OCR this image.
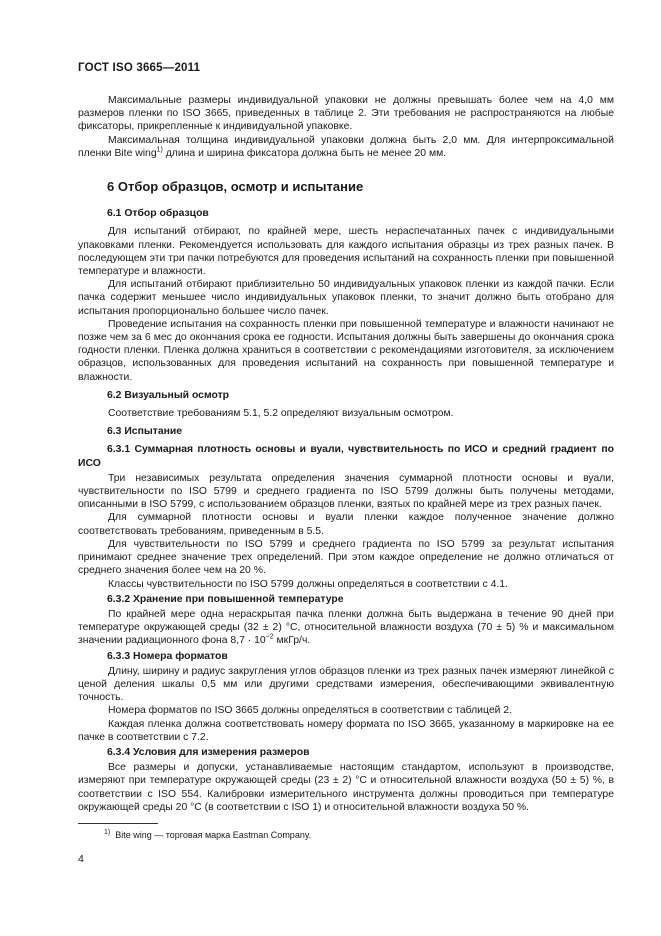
ГОСТ ISO 3665—2011

Максимальные размеры индивидуальной упаковки не должны превышать более чем на 4,0 мм размеров пленки по ISO 3665, приведенных в таблице 2. Эти требования не распространяются на любые фиксаторы, прикрепленные к индивидуальной упаковке.

Максимальная толщина индивидуальной упаковки должна быть 2,0 мм. Для интерпроксимальной пленки Bite wing$^{1)}$ длина и ширина фиксатора должна быть не менее 20 мм.

6 Отбор образцов, осмотр и испытание
6.1 Отбор образцов

Для испытаний отбирают, по крайней мере, шесть нераспечатанных пачек с индивидуальными упаковками пленки. Рекомендуется использовать для каждого испытания образцы из трех разных пачек. В последующем эти три пачки потребуются для проведения испытаний на сохранность пленки при повышенной температуре и влажности.

Для испытаний отбирают приблизительно 50 индивидуальных упаковок пленки из каждой пачки. Если пачка содержит меньшее число индивидуальных упаковок пленки, то значит должно быть отобрано для испытания пропорционально большее число пачек.

Проведение испытания на сохранность пленки при повышенной температуре и влажности начинают не позже чем за 6 мес до окончания срока ее годности. Испытания должны быть завершены до окончания срока годности пленки. Пленка должна храниться в соответствии с рекомендациями изготовителя, за исключением образцов, использованных для проведения испытаний на сохранность при повышенной температуре и влажности.

6.2 Визуальный осмотр

Соответствие требованиям 5.1, 5.2 определяют визуальным осмотром.

6.3 Испытание
6.3.1 Суммарная плотность основы и вуали, чувствительность по ИСО и средний градиент по ИСО

Три независимых результата определения значения суммарной плотности основы и вуали, чувствительности по ISO 5799 и среднего градиента по ISO 5799 должны быть получены методами, описанными в ISO 5799, с использованием образцов пленки, взятых по крайней мере из трех разных пачек.

Для суммарной плотности основы и вуали пленки каждое полученное значение должно соответствовать требованиям, приведенным в 5.5.

Для чувствительности по ISO 5799 и среднего градиента по ISO 5799 за результат испытания принимают среднее значение трех определений. При этом каждое определение не должно отличаться от среднего значения более чем на 20 %.

Классы чувствительности по ISO 5799 должны определяться в соответствии с 4.1.

6.3.2 Хранение при повышенной температуре

По крайней мере одна нераскрытая пачка пленки должна быть выдержана в течение 90 дней при температуре окружающей среды (32 ± 2) °С, относительной влажности воздуха (70 ± 5) % и максимальном значении радиационного фона $8,7 \cdot 10^{-2}$ мкГр/ч.

6.3.3 Номера форматов

Длину, ширину и радиус закругления углов образцов пленки из трех разных пачек измеряют линейкой с ценой деления шкалы 0,5 мм или другими средствами измерения, обеспечивающими эквивалентную точность.

Номера форматов по ISO 3665 должны определяться в соответствии с таблицей 2.

Каждая пленка должна соответствовать номеру формата по ISO 3665, указанному в маркировке на ее пачке в соответствии с 7.2.

6.3.4 Условия для измерения размеров

Все размеры и допуски, устанавливаемые настоящим стандартом, используют в производстве, измеряют при температуре окружающей среды (23 ± 2) °С и относительной влажности воздуха (50 ± 5) %, в соответствии с ISO 554. Калибровки измерительного инструмента должны проводиться при температуре окружающей среды 20 °С (в соответствии с ISO 1) и относительной влажности воздуха 50 %.

$^{1)}$ Bite wing — торговая марка Eastman Company.
4
